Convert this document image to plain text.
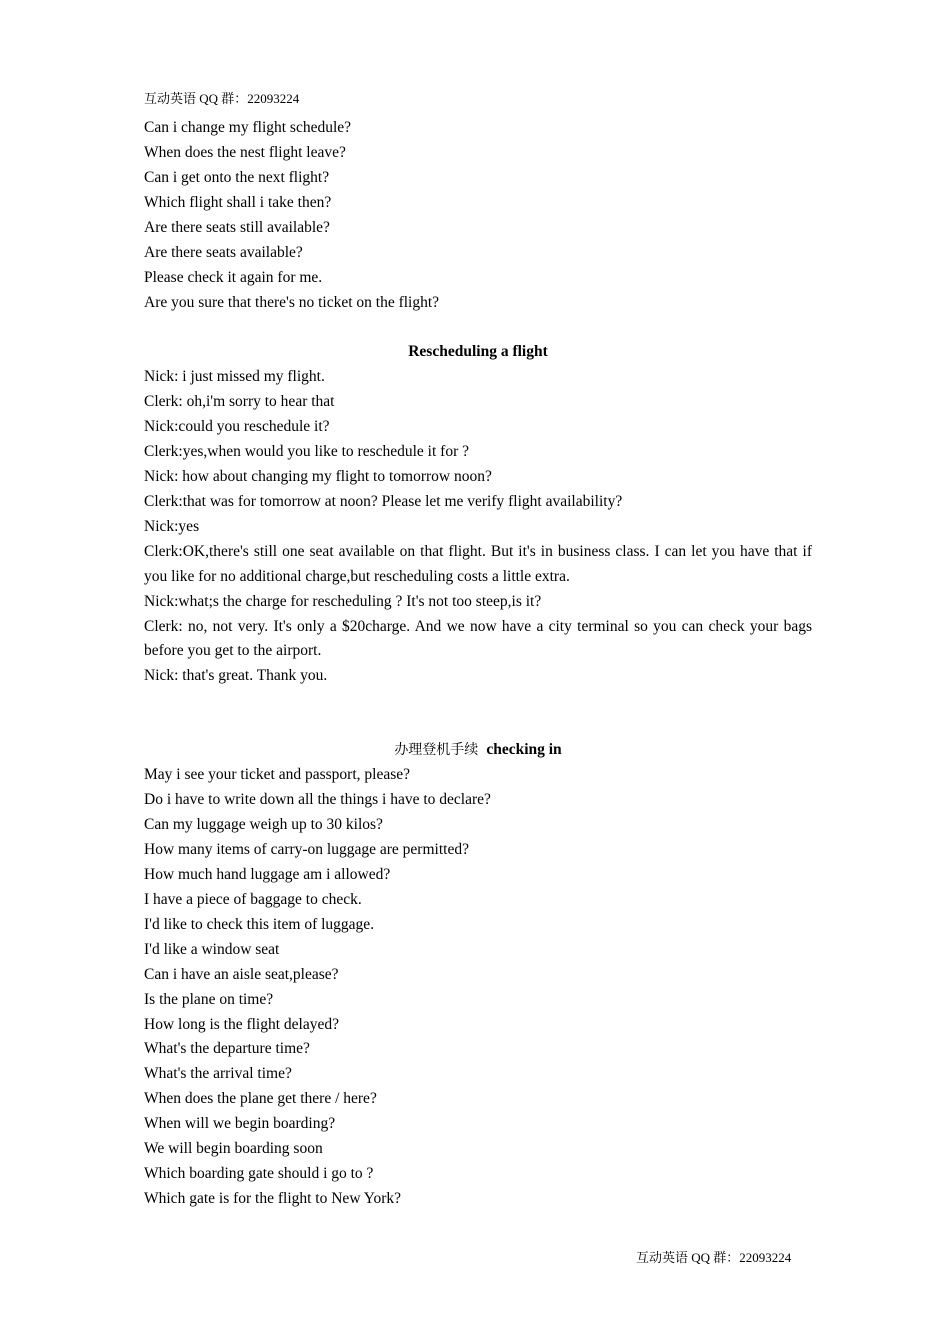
互动英语 QQ 群：22093224
Can i change my flight schedule?
When does the nest flight leave?
Can i get onto the next flight?
Which flight shall i take then?
Are there seats still available?
Are there seats available?
Please check it again for me.
Are you sure that there's no ticket on the flight?
Rescheduling a flight
Nick: i just missed my flight.
Clerk: oh,i'm sorry to hear that
Nick:could you reschedule it?
Clerk:yes,when would you like to reschedule it for ?
Nick: how about changing my flight to tomorrow noon?
Clerk:that was for tomorrow at noon? Please let me verify flight availability?
Nick:yes
Clerk:OK,there's still one seat available on that flight. But it's in business class. I can let you have that if you like for no additional charge,but rescheduling costs a little extra.
Nick:what;s the charge for rescheduling ? It's not too steep,is it?
Clerk: no, not very. It's only a $20charge. And we now have a city terminal so you can check your bags before you get to the airport.
Nick: that's great. Thank you.
办理登机手续 checking in
May i see your ticket and passport, please?
Do i have to write down all the things i have to declare?
Can my luggage weigh up to 30 kilos?
How many items of carry-on luggage are permitted?
How much hand luggage am i allowed?
I have a piece of baggage to check.
I'd like to check this item of luggage.
I'd like a window seat
Can i have an aisle seat,please?
Is the plane on time?
How long is the flight delayed?
What's the departure time?
What's the arrival time?
When does the plane get there / here?
When will we begin boarding?
We will begin boarding soon
Which boarding gate should i go to ?
Which gate is for the flight to New York?
互动英语 QQ 群：22093224
